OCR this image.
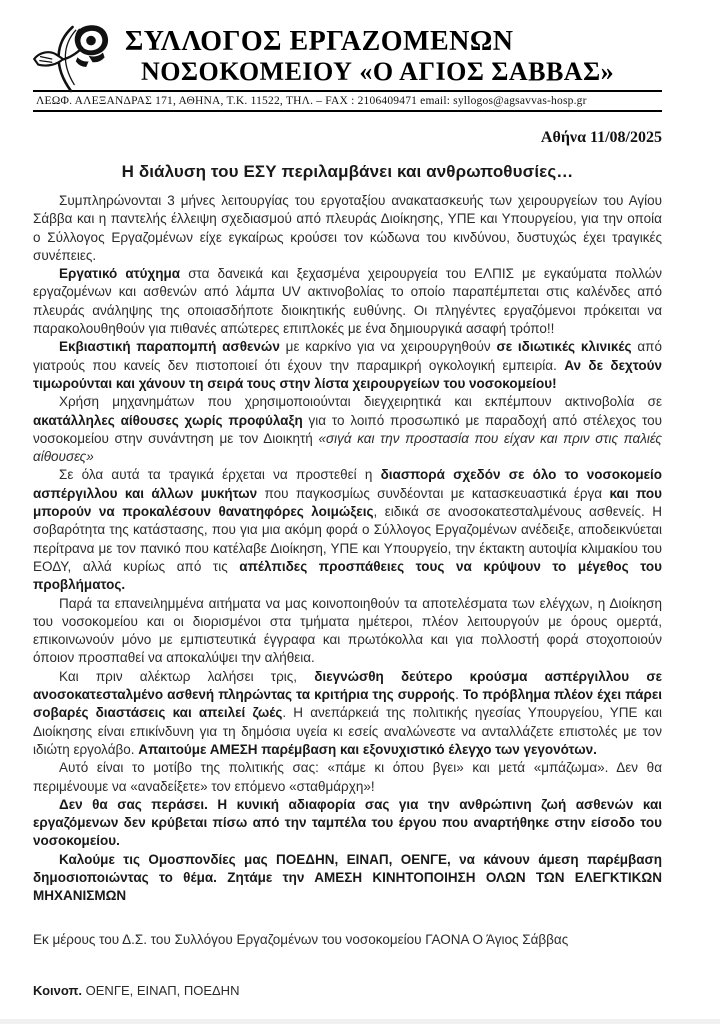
ΣΥΛΛΟΓΟΣ ΕΡΓΑΖΟΜΕΝΩΝ
ΝΟΣΟΚΟΜΕΙΟΥ «Ο ΑΓΙΟΣ ΣΑΒΒΑΣ»
ΛΕΩΦ. ΑΛΕΞΑΝΔΡΑΣ 171, ΑΘΗΝΑ, Τ.Κ. 11522, ΤΗΛ. – FAX : 2106409471 email: syllogos@agsavvas-hosp.gr
Αθήνα 11/08/2025
Η διάλυση του ΕΣΥ περιλαμβάνει και ανθρωποθυσίες…

Συμπληρώνονται 3 μήνες λειτουργίας του εργοταξίου ανακατασκευής των χειρουργείων του Αγίου Σάββα και η παντελής έλλειψη σχεδιασμού από πλευράς Διοίκησης, ΥΠΕ και Υπουργείου, για την οποία ο Σύλλογος Εργαζομένων είχε εγκαίρως κρούσει τον κώδωνα του κινδύνου, δυστυχώς έχει τραγικές συνέπειες.

Εργατικό ατύχημα στα δανεικά και ξεχασμένα χειρουργεία του ΕΛΠΙΣ με εγκαύματα πολλών εργαζομένων και ασθενών από λάμπα UV ακτινοβολίας το οποίο παραπέμπεται στις καλένδες από πλευράς ανάληψης της οποιασδήποτε διοικητικής ευθύνης. Οι πληγέντες εργαζόμενοι πρόκειται να παρακολουθηθούν για πιθανές απώτερες επιπλοκές με ένα δημιουργικά ασαφή τρόπο!!

Εκβιαστική παραπομπή ασθενών με καρκίνο για να χειρουργηθούν σε ιδιωτικές κλινικές από γιατρούς που κανείς δεν πιστοποιεί ότι έχουν την παραμικρή ογκολογική εμπειρία. Αν δε δεχτούν τιμωρούνται και χάνουν τη σειρά τους στην λίστα χειρουργείων του νοσοκομείου!

Χρήση μηχανημάτων που χρησιμοποιούνται διεγχειρητικά και εκπέμπουν ακτινοβολία σε ακατάλληλες αίθουσες χωρίς προφύλαξη για το λοιπό προσωπικό με παραδοχή από στέλεχος του νοσοκομείου στην συνάντηση με τον Διοικητή «σιγά και την προστασία που είχαν και πριν στις παλιές αίθουσες»

Σε όλα αυτά τα τραγικά έρχεται να προστεθεί η διασπορά σχεδόν σε όλο το νοσοκομείο ασπέργιλλου και άλλων μυκήτων που παγκοσμίως συνδέονται με κατασκευαστικά έργα και που μπορούν να προκαλέσουν θανατηφόρες λοιμώξεις, ειδικά σε ανοσοκατεσταλμένους ασθενείς. Η σοβαρότητα της κατάστασης, που για μια ακόμη φορά ο Σύλλογος Εργαζομένων ανέδειξε, αποδεικνύεται περίτρανα με τον πανικό που κατέλαβε Διοίκηση, ΥΠΕ και Υπουργείο, την έκτακτη αυτοψία κλιμακίου του ΕΟΔΥ, αλλά κυρίως από τις απέλπιδες προσπάθειες τους να κρύψουν το μέγεθος του προβλήματος.

Παρά τα επανειλημμένα αιτήματα να μας κοινοποιηθούν τα αποτελέσματα των ελέγχων, η Διοίκηση του νοσοκομείου και οι διορισμένοι στα τμήματα ημέτεροι, πλέον λειτουργούν με όρους ομερτά, επικοινωνούν μόνο με εμπιστευτικά έγγραφα και πρωτόκολλα και για πολλοστή φορά στοχοποιούν όποιον προσπαθεί να αποκαλύψει την αλήθεια.

Και πριν αλέκτωρ λαλήσει τρις, διεγνώσθη δεύτερο κρούσμα ασπέργιλλου σε ανοσοκατεσταλμένο ασθενή πληρώντας τα κριτήρια της συρροής. Το πρόβλημα πλέον έχει πάρει σοβαρές διαστάσεις και απειλεί ζωές. Η ανεπάρκειά της πολιτικής ηγεσίας Υπουργείου, ΥΠΕ και Διοίκησης είναι επικίνδυνη για τη δημόσια υγεία κι εσείς αναλώνεστε να ανταλλάζετε επιστολές με τον ιδιώτη εργολάβο. Απαιτούμε ΑΜΕΣΗ παρέμβαση και εξονυχιστικό έλεγχο των γεγονότων.

Αυτό είναι το μοτίβο της πολιτικής σας: «πάμε κι όπου βγει» και μετά «μπάζωμα». Δεν θα περιμένουμε να «αναδείξετε» τον επόμενο «σταθμάρχη»!

Δεν θα σας περάσει. Η κυνική αδιαφορία σας για την ανθρώπινη ζωή ασθενών και εργαζόμενων δεν κρύβεται πίσω από την ταμπέλα του έργου που αναρτήθηκε στην είσοδο του νοσοκομείου.

Καλούμε τις Ομοσπονδίες μας ΠΟΕΔΗΝ, ΕΙΝΑΠ, ΟΕΝΓΕ, να κάνουν άμεση παρέμβαση δημοσιοποιώντας το θέμα. Ζητάμε την ΑΜΕΣΗ ΚΙΝΗΤΟΠΟΙΗΣΗ ΟΛΩΝ ΤΩΝ ΕΛΕΓΚΤΙΚΩΝ ΜΗΧΑΝΙΣΜΩΝ

Εκ μέρους του Δ.Σ. του Συλλόγου Εργαζομένων του νοσοκομείου ΓΑΟΝΑ Ο Άγιος Σάββας
Κοινοπ. ΟΕΝΓΕ, ΕΙΝΑΠ, ΠΟΕΔΗΝ
